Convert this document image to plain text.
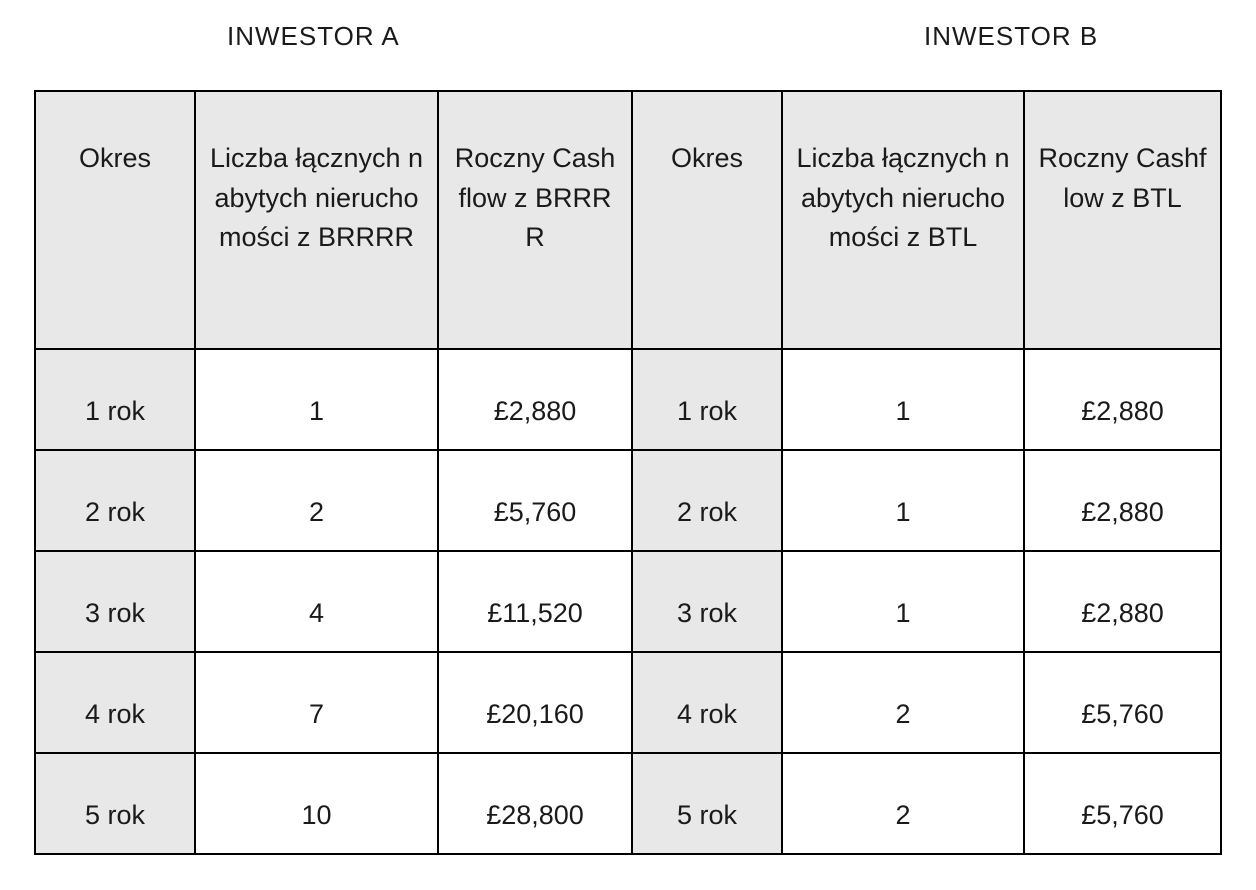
INWESTOR A	INWESTOR B
Okres	Liczba łącznych nabytych nieruchomości z BRRRR	Roczny Cashflow z BRRRR	Okres	Liczba łącznych nabytych nieruchomości z BTL	Roczny Cashflow z BTL
1 rok	1	£2,880	1 rok	1	£2,880
2 rok	2	£5,760	2 rok	1	£2,880
3 rok	4	£11,520	3 rok	1	£2,880
4 rok	7	£20,160	4 rok	2	£5,760
5 rok	10	£28,800	5 rok	2	£5,760
